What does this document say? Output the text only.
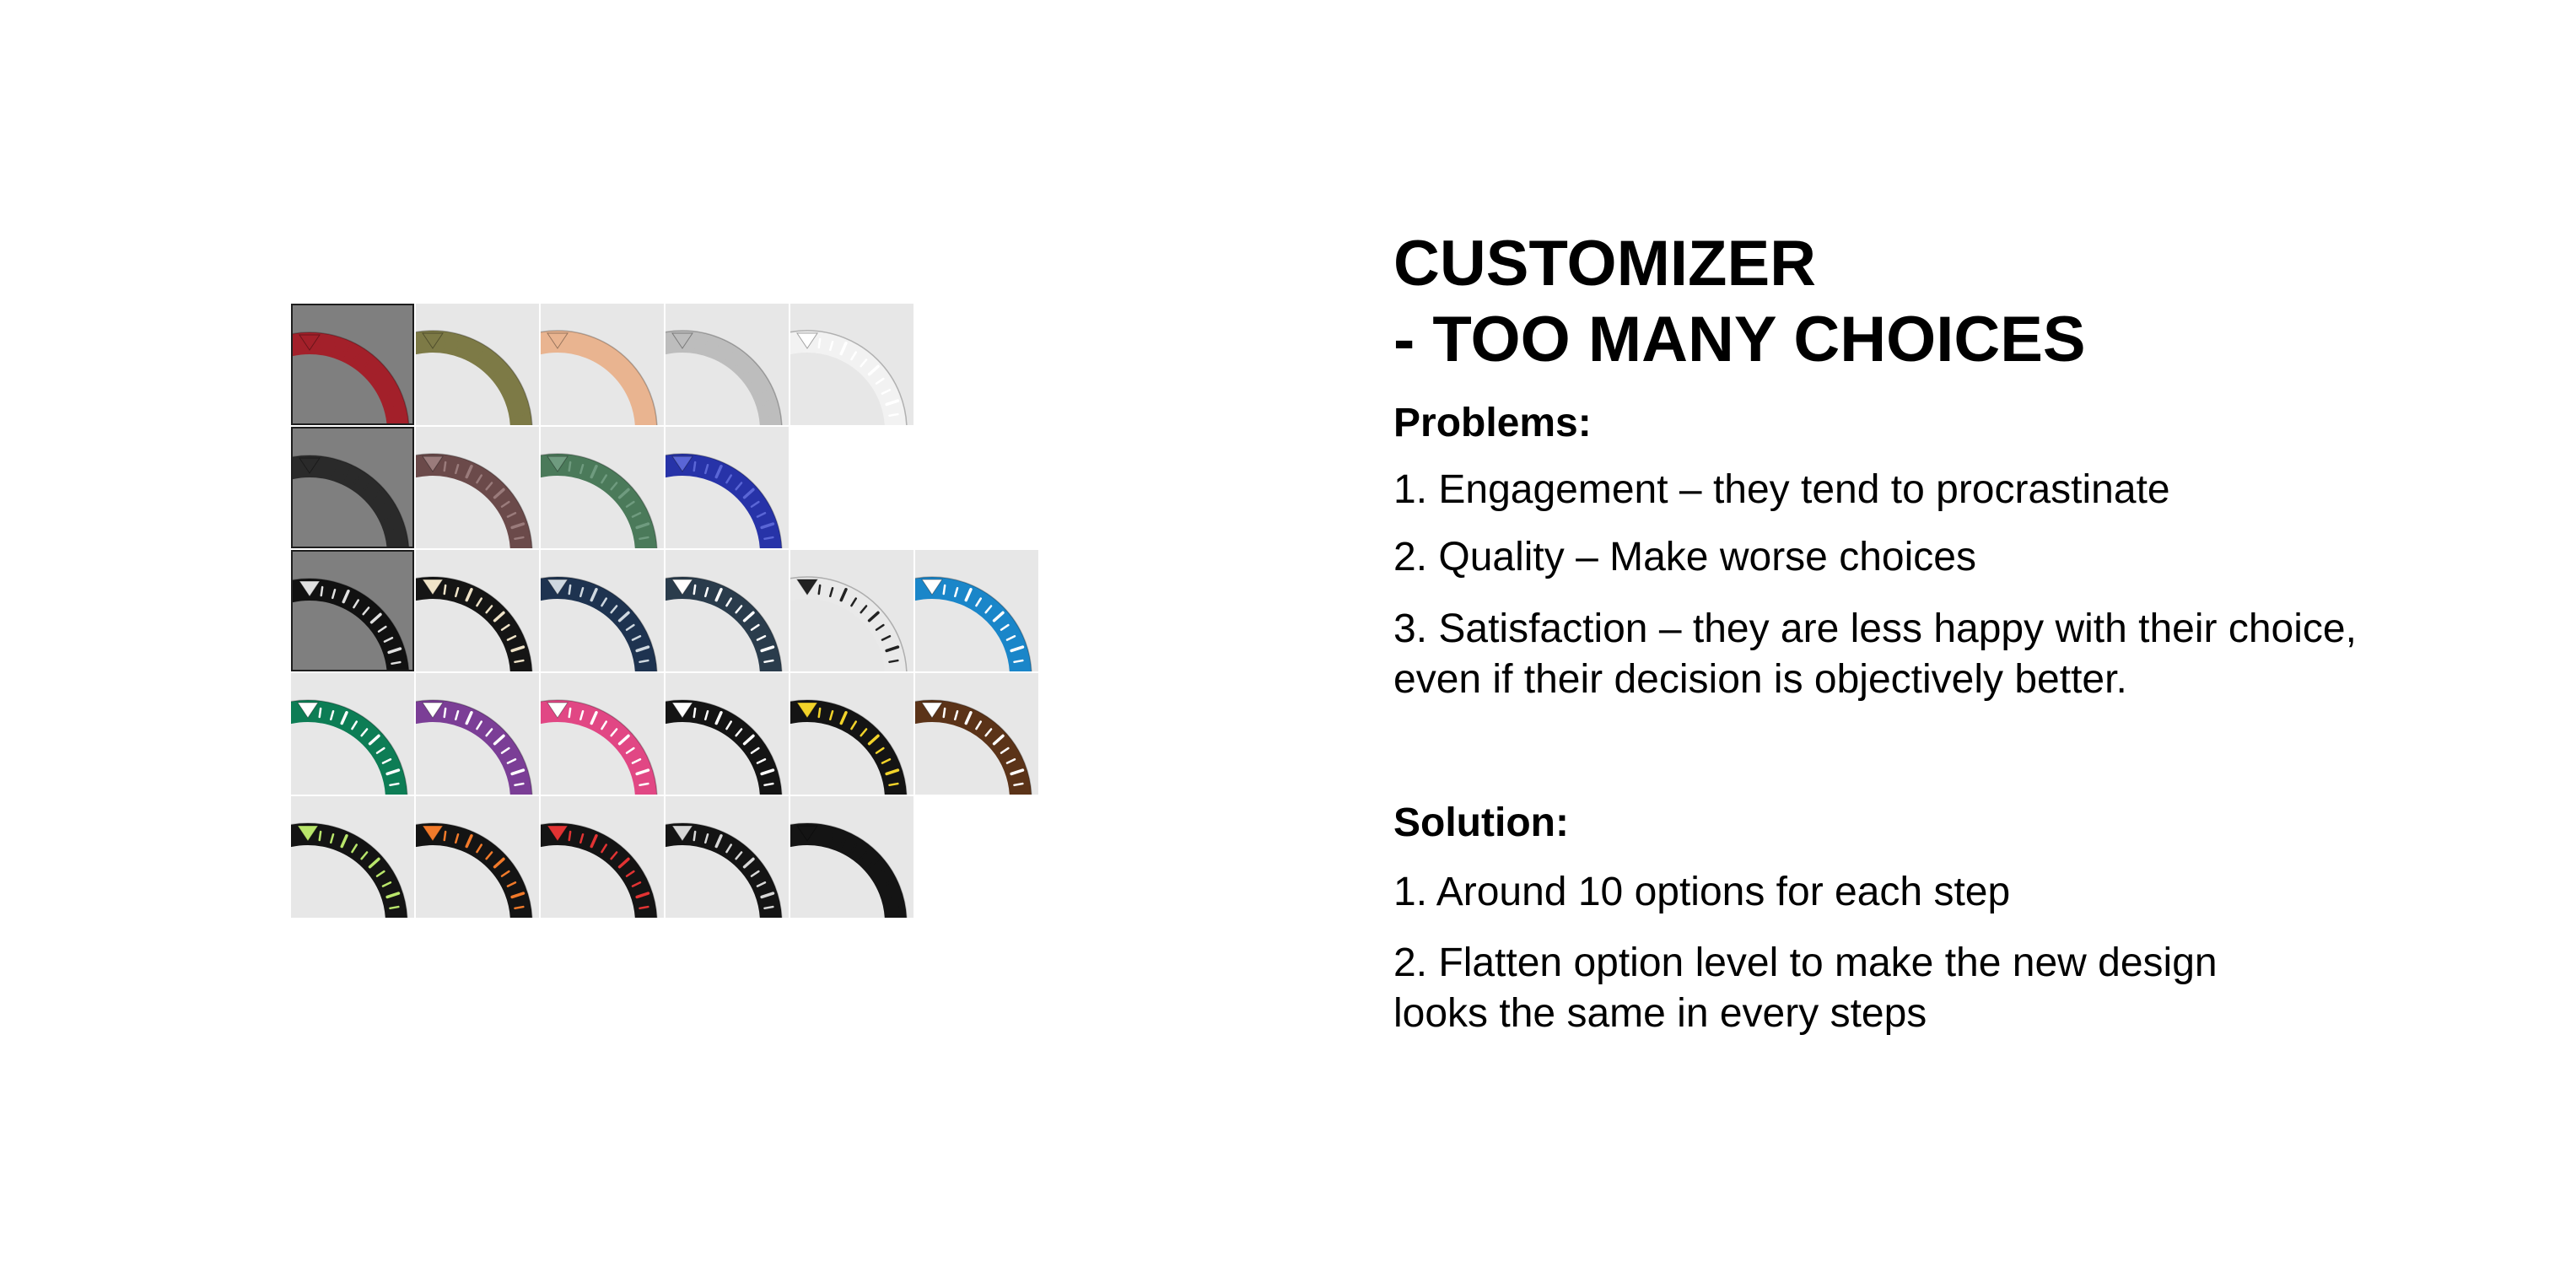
CUSTOMIZER
- TOO MANY CHOICES

Problems:

1. Engagement – they tend to procrastinate

2. Quality – Make worse choices

3. Satisfaction – they are less happy with their choice,

even if their decision is objectively better.

Solution:

1. Around 10 options for each step

2. Flatten option level to make the new design

looks the same in every steps
